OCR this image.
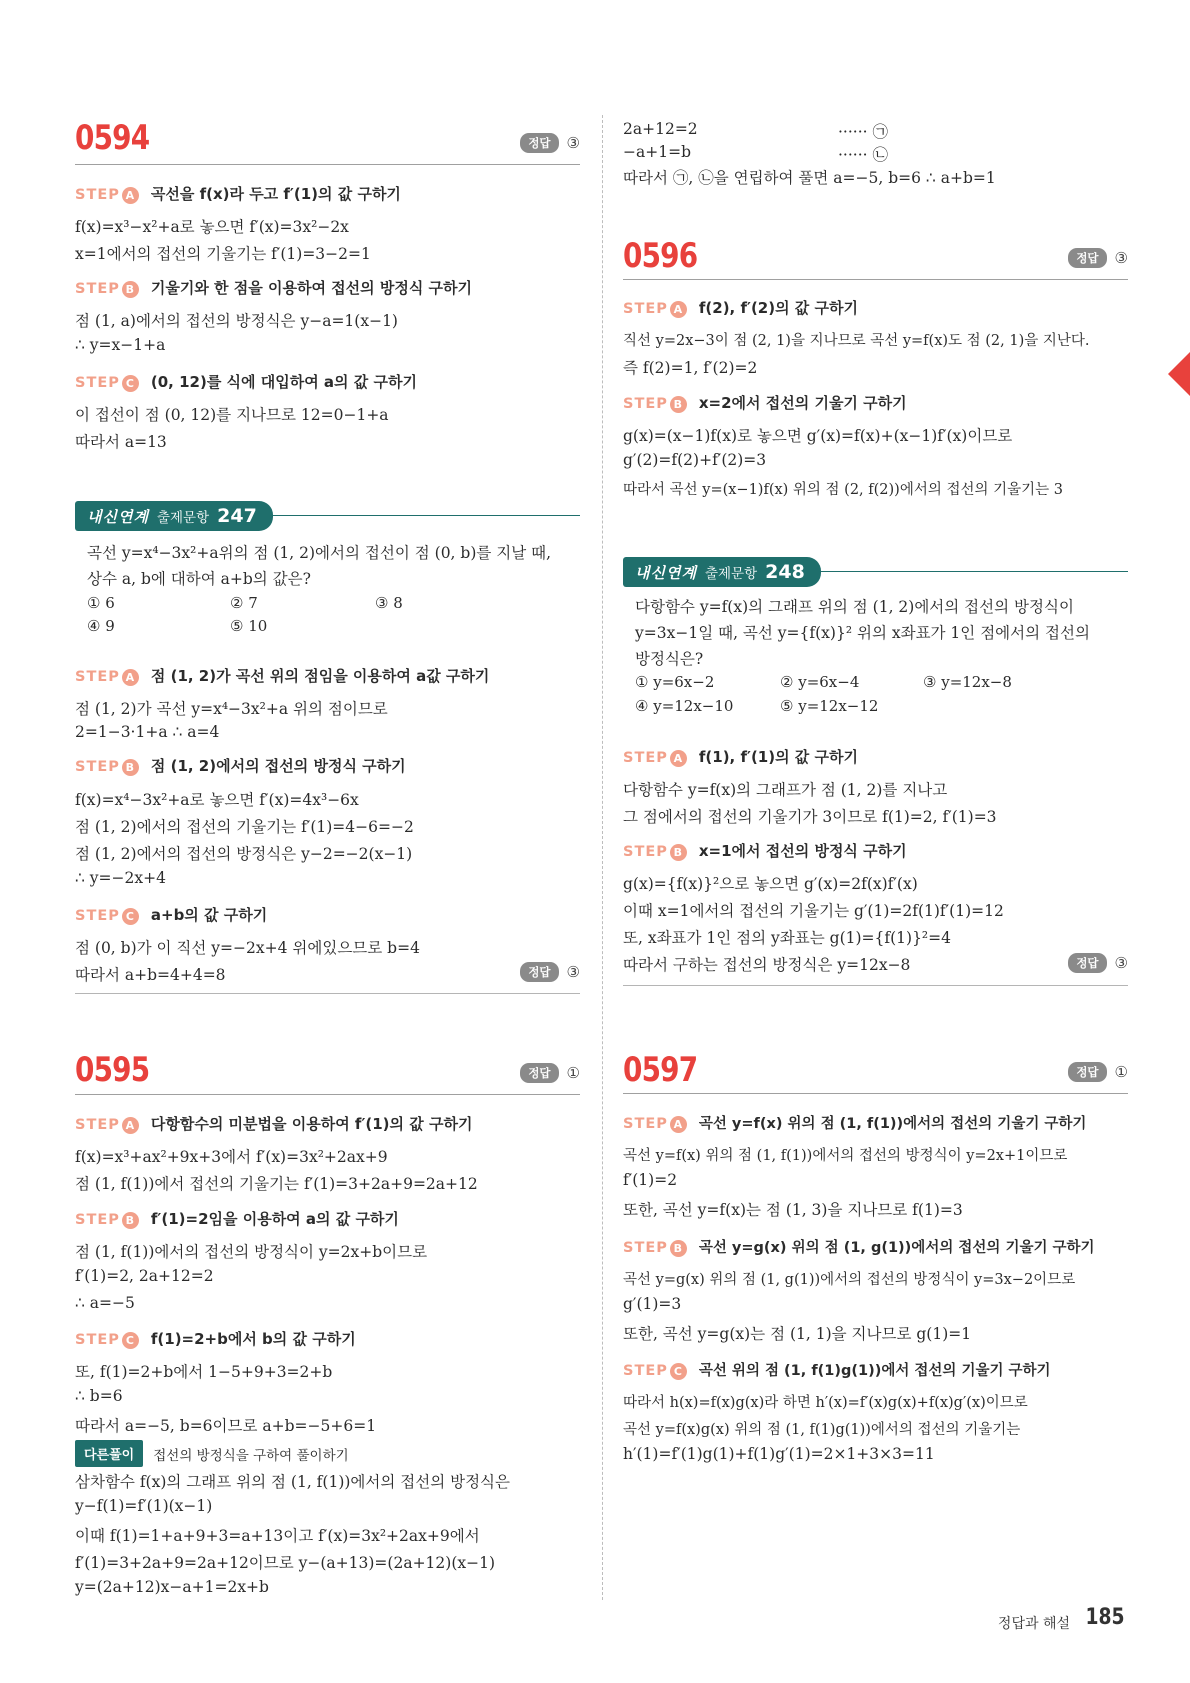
0594	정답	③
STEP A 곡선을 f(x)라 두고 f′(1)의 값 구하기
f(x)=x³−x²+a로 놓으면 f′(x)=3x²−2x
x=1에서의 접선의 기울기는 f′(1)=3−2=1
STEP B 기울기와 한 점을 이용하여 접선의 방정식 구하기
점 (1, a)에서의 접선의 방정식은 y−a=1(x−1)
∴ y=x−1+a
STEP C (0, 12)를 식에 대입하여 a의 값 구하기
이 접선이 점 (0, 12)를 지나므로 12=0−1+a
따라서 a=13
내신연계 출제문항 247
곡선 y=x⁴−3x²+a위의 점 (1, 2)에서의 접선이 점 (0, b)를 지날 때,
상수 a, b에 대하여 a+b의 값은?
① 6	② 7	③ 8
④ 9	⑤ 10
STEP A 점 (1, 2)가 곡선 위의 점임을 이용하여 a값 구하기
점 (1, 2)가 곡선 y=x⁴−3x²+a 위의 점이므로
2=1−3·1+a ∴ a=4
STEP B 점 (1, 2)에서의 접선의 방정식 구하기
f(x)=x⁴−3x²+a로 놓으면 f′(x)=4x³−6x
점 (1, 2)에서의 접선의 기울기는 f′(1)=4−6=−2
점 (1, 2)에서의 접선의 방정식은 y−2=−2(x−1)
∴ y=−2x+4
STEP C a+b의 값 구하기
점 (0, b)가 이 직선 y=−2x+4 위에있으므로 b=4
따라서 a+b=4+4=8	정답	③
0595	정답	①
STEP A 다항함수의 미분법을 이용하여 f′(1)의 값 구하기
f(x)=x³+ax²+9x+3에서 f′(x)=3x²+2ax+9
점 (1, f(1))에서 접선의 기울기는 f′(1)=3+2a+9=2a+12
STEP B f′(1)=2임을 이용하여 a의 값 구하기
점 (1, f(1))에서의 접선의 방정식이 y=2x+b이므로
f′(1)=2, 2a+12=2
∴ a=−5
STEP C f(1)=2+b에서 b의 값 구하기
또, f(1)=2+b에서 1−5+9+3=2+b
∴ b=6
따라서 a=−5, b=6이므로 a+b=−5+6=1
다른풀이	접선의 방정식을 구하여 풀이하기
삼차함수 f(x)의 그래프 위의 점 (1, f(1))에서의 접선의 방정식은
y−f(1)=f′(1)(x−1)
이때 f(1)=1+a+9+3=a+13이고 f′(x)=3x²+2ax+9에서
f′(1)=3+2a+9=2a+12이므로 y−(a+13)=(2a+12)(x−1)
y=(2a+12)x−a+1=2x+b
2a+12=2	······ ㉠
−a+1=b	······ ㉡
따라서 ㉠, ㉡을 연립하여 풀면 a=−5, b=6 ∴ a+b=1
0596	정답	③
STEP A f(2), f′(2)의 값 구하기
직선 y=2x−3이 점 (2, 1)을 지나므로 곡선 y=f(x)도 점 (2, 1)을 지난다.
즉 f(2)=1, f′(2)=2
STEP B x=2에서 접선의 기울기 구하기
g(x)=(x−1)f(x)로 놓으면 g′(x)=f(x)+(x−1)f′(x)이므로
g′(2)=f(2)+f′(2)=3
따라서 곡선 y=(x−1)f(x) 위의 점 (2, f(2))에서의 접선의 기울기는 3
내신연계 출제문항 248
다항함수 y=f(x)의 그래프 위의 점 (1, 2)에서의 접선의 방정식이
y=3x−1일 때, 곡선 y={f(x)}² 위의 x좌표가 1인 점에서의 접선의
방정식은?
① y=6x−2	② y=6x−4	③ y=12x−8
④ y=12x−10	⑤ y=12x−12
STEP A f(1), f′(1)의 값 구하기
다항함수 y=f(x)의 그래프가 점 (1, 2)를 지나고
그 점에서의 접선의 기울기가 3이므로 f(1)=2, f′(1)=3
STEP B x=1에서 접선의 방정식 구하기
g(x)={f(x)}²으로 놓으면 g′(x)=2f(x)f′(x)
이때 x=1에서의 접선의 기울기는 g′(1)=2f(1)f′(1)=12
또, x좌표가 1인 점의 y좌표는 g(1)={f(1)}²=4
따라서 구하는 접선의 방정식은 y=12x−8	정답	③
0597	정답	①
STEP A 곡선 y=f(x) 위의 점 (1, f(1))에서의 접선의 기울기 구하기
곡선 y=f(x) 위의 점 (1, f(1))에서의 접선의 방정식이 y=2x+1이므로
f′(1)=2
또한, 곡선 y=f(x)는 점 (1, 3)을 지나므로 f(1)=3
STEP B 곡선 y=g(x) 위의 점 (1, g(1))에서의 접선의 기울기 구하기
곡선 y=g(x) 위의 점 (1, g(1))에서의 접선의 방정식이 y=3x−2이므로
g′(1)=3
또한, 곡선 y=g(x)는 점 (1, 1)을 지나므로 g(1)=1
STEP C 곡선 위의 점 (1, f(1)g(1))에서 접선의 기울기 구하기
따라서 h(x)=f(x)g(x)라 하면 h′(x)=f′(x)g(x)+f(x)g′(x)이므로
곡선 y=f(x)g(x) 위의 점 (1, f(1)g(1))에서의 접선의 기울기는
h′(1)=f′(1)g(1)+f(1)g′(1)=2×1+3×3=11
정답과 해설 185
